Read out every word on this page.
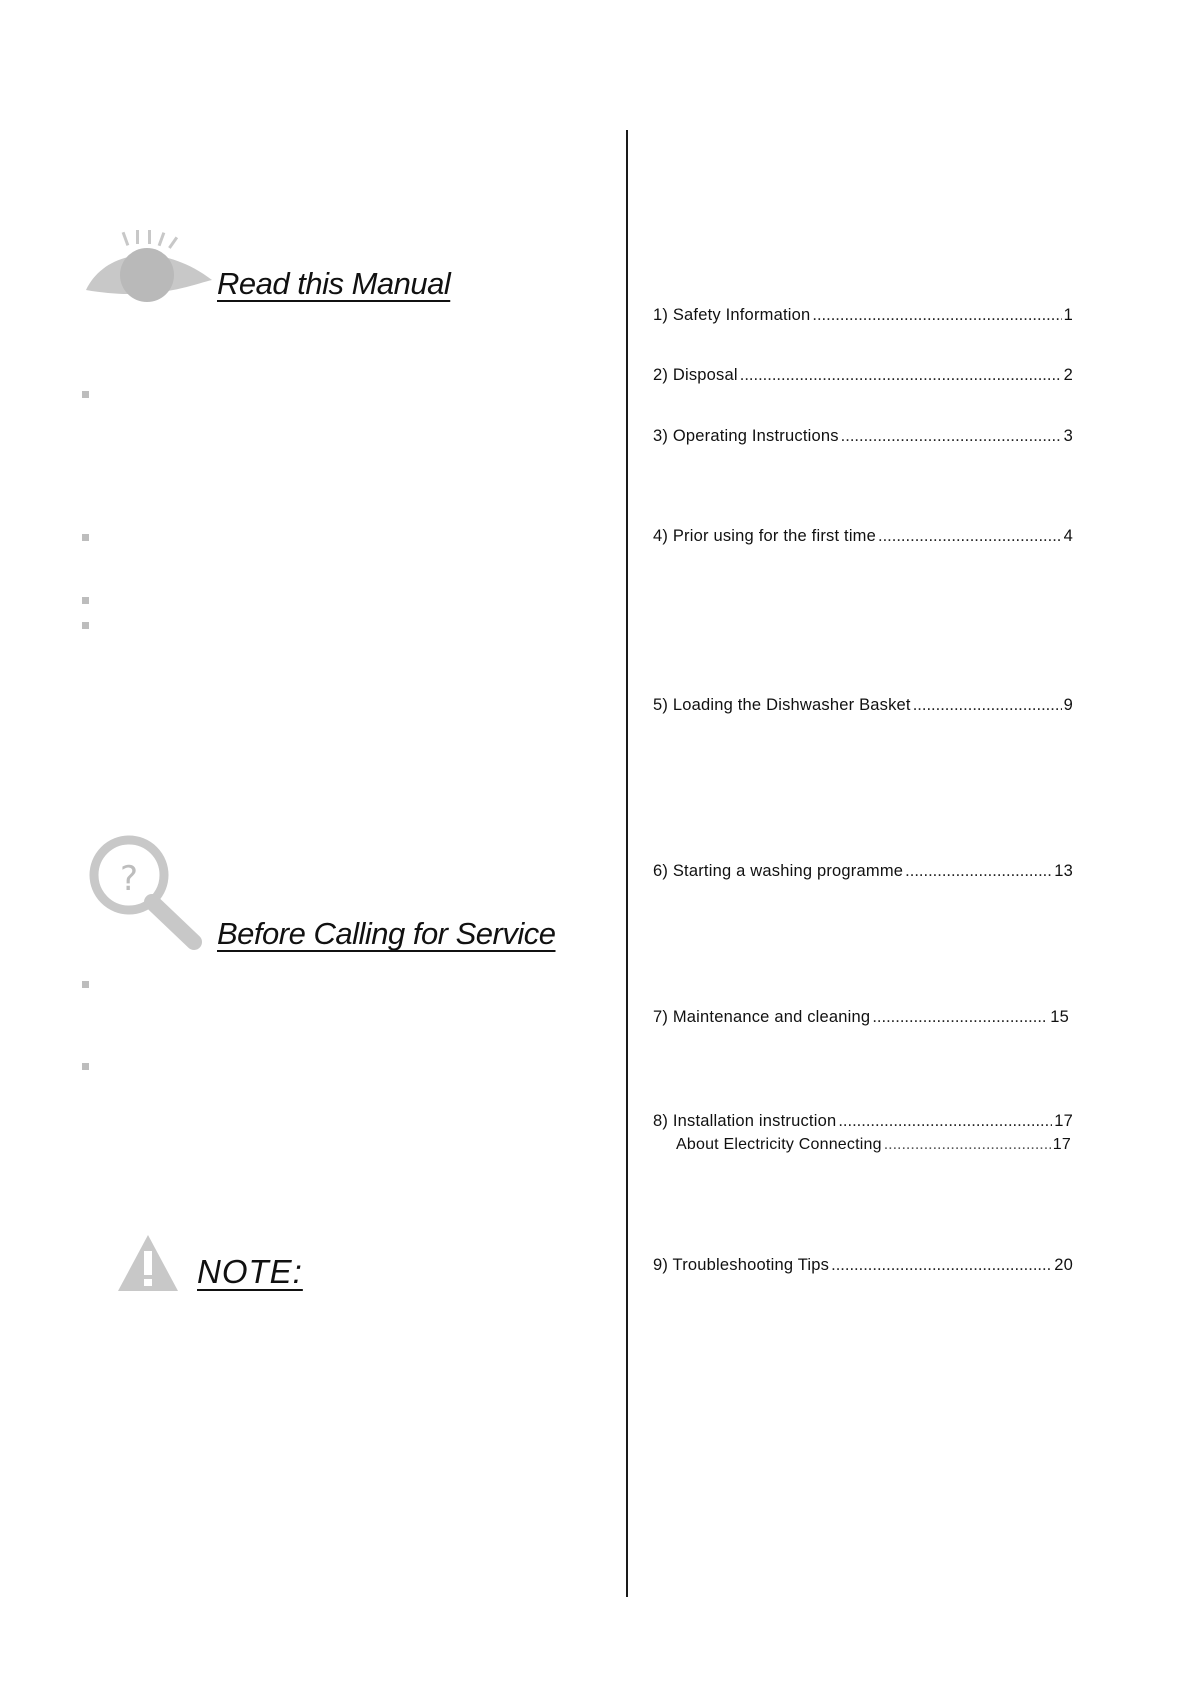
Read this Manual
?
Before Calling for Service
NOTE:
1) Safety Information .....	1
2) Disposal .....	2
3) Operating Instructions .....	3
4) Prior using for the first time .....	4
5) Loading the Dishwasher Basket .....	9
6) Starting a washing programme .....	13
7) Maintenance and cleaning .....	15
8) Installation instruction .....	17
About Electricity Connecting .....	17
9) Troubleshooting Tips .....	20
